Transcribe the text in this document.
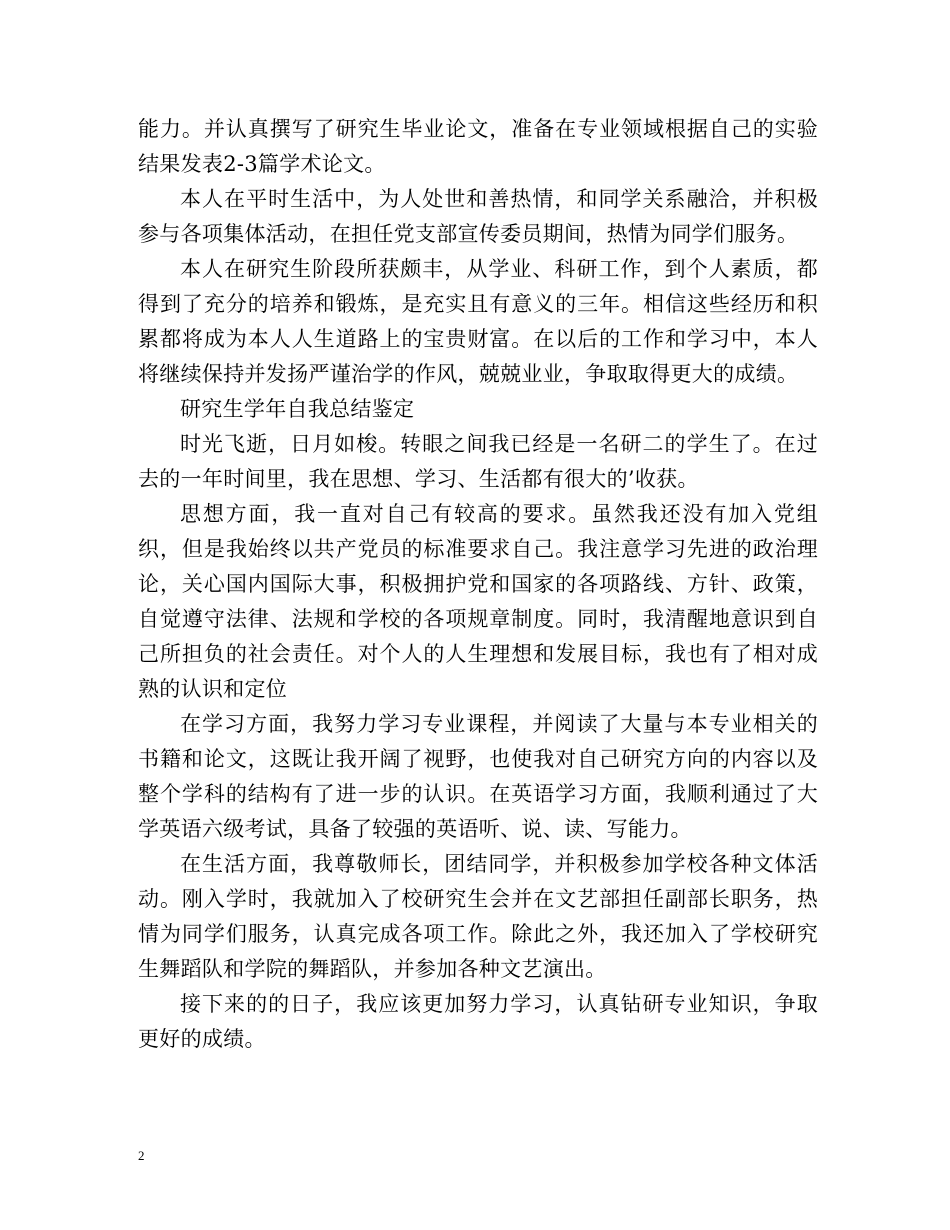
能力。并认真撰写了研究生毕业论文，准备在专业领域根据自己的实验结果发表2-3篇学术论文。

本人在平时生活中，为人处世和善热情，和同学关系融洽，并积极参与各项集体活动，在担任党支部宣传委员期间，热情为同学们服务。

本人在研究生阶段所获颇丰，从学业、科研工作，到个人素质，都得到了充分的培养和锻炼，是充实且有意义的三年。相信这些经历和积累都将成为本人人生道路上的宝贵财富。在以后的工作和学习中，本人将继续保持并发扬严谨治学的作风，兢兢业业，争取取得更大的成绩。

研究生学年自我总结鉴定

时光飞逝，日月如梭。转眼之间我已经是一名研二的学生了。在过去的一年时间里，我在思想、学习、生活都有很大的’收获。

思想方面，我一直对自己有较高的要求。虽然我还没有加入党组织，但是我始终以共产党员的标准要求自己。我注意学习先进的政治理论，关心国内国际大事，积极拥护党和国家的各项路线、方针、政策，自觉遵守法律、法规和学校的各项规章制度。同时，我清醒地意识到自己所担负的社会责任。对个人的人生理想和发展目标，我也有了相对成熟的认识和定位

在学习方面，我努力学习专业课程，并阅读了大量与本专业相关的书籍和论文，这既让我开阔了视野，也使我对自己研究方向的内容以及整个学科的结构有了进一步的认识。在英语学习方面，我顺利通过了大学英语六级考试，具备了较强的英语听、说、读、写能力。

在生活方面，我尊敬师长，团结同学，并积极参加学校各种文体活动。刚入学时，我就加入了校研究生会并在文艺部担任副部长职务，热情为同学们服务，认真完成各项工作。除此之外，我还加入了学校研究生舞蹈队和学院的舞蹈队，并参加各种文艺演出。

接下来的的日子，我应该更加努力学习，认真钻研专业知识，争取更好的成绩。

2
